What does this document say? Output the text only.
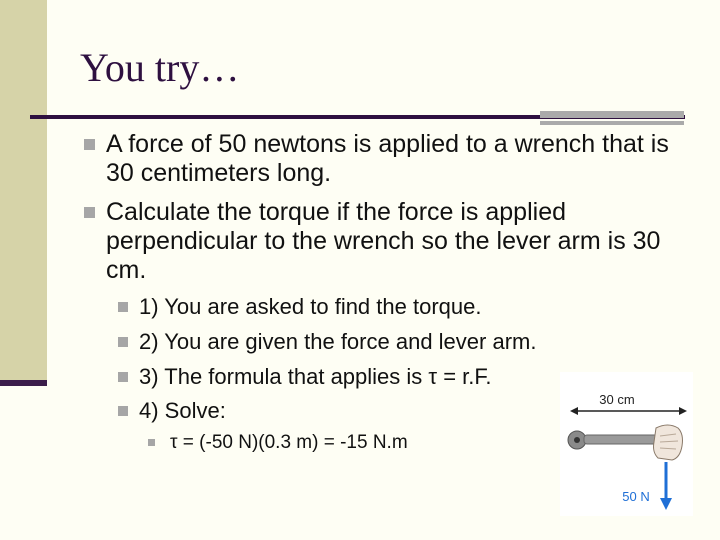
You try…
A force of 50 newtons is applied to a wrench that is 30 centimeters long.
Calculate the torque if the force is applied perpendicular to the wrench so the lever arm is 30 cm.
1) You are asked to find the torque.
2) You are given the force and lever arm.
3) The formula that applies is τ = r.F.
4) Solve:
τ = (-50 N)(0.3 m) = -15 N.m
30 cm
50 N
